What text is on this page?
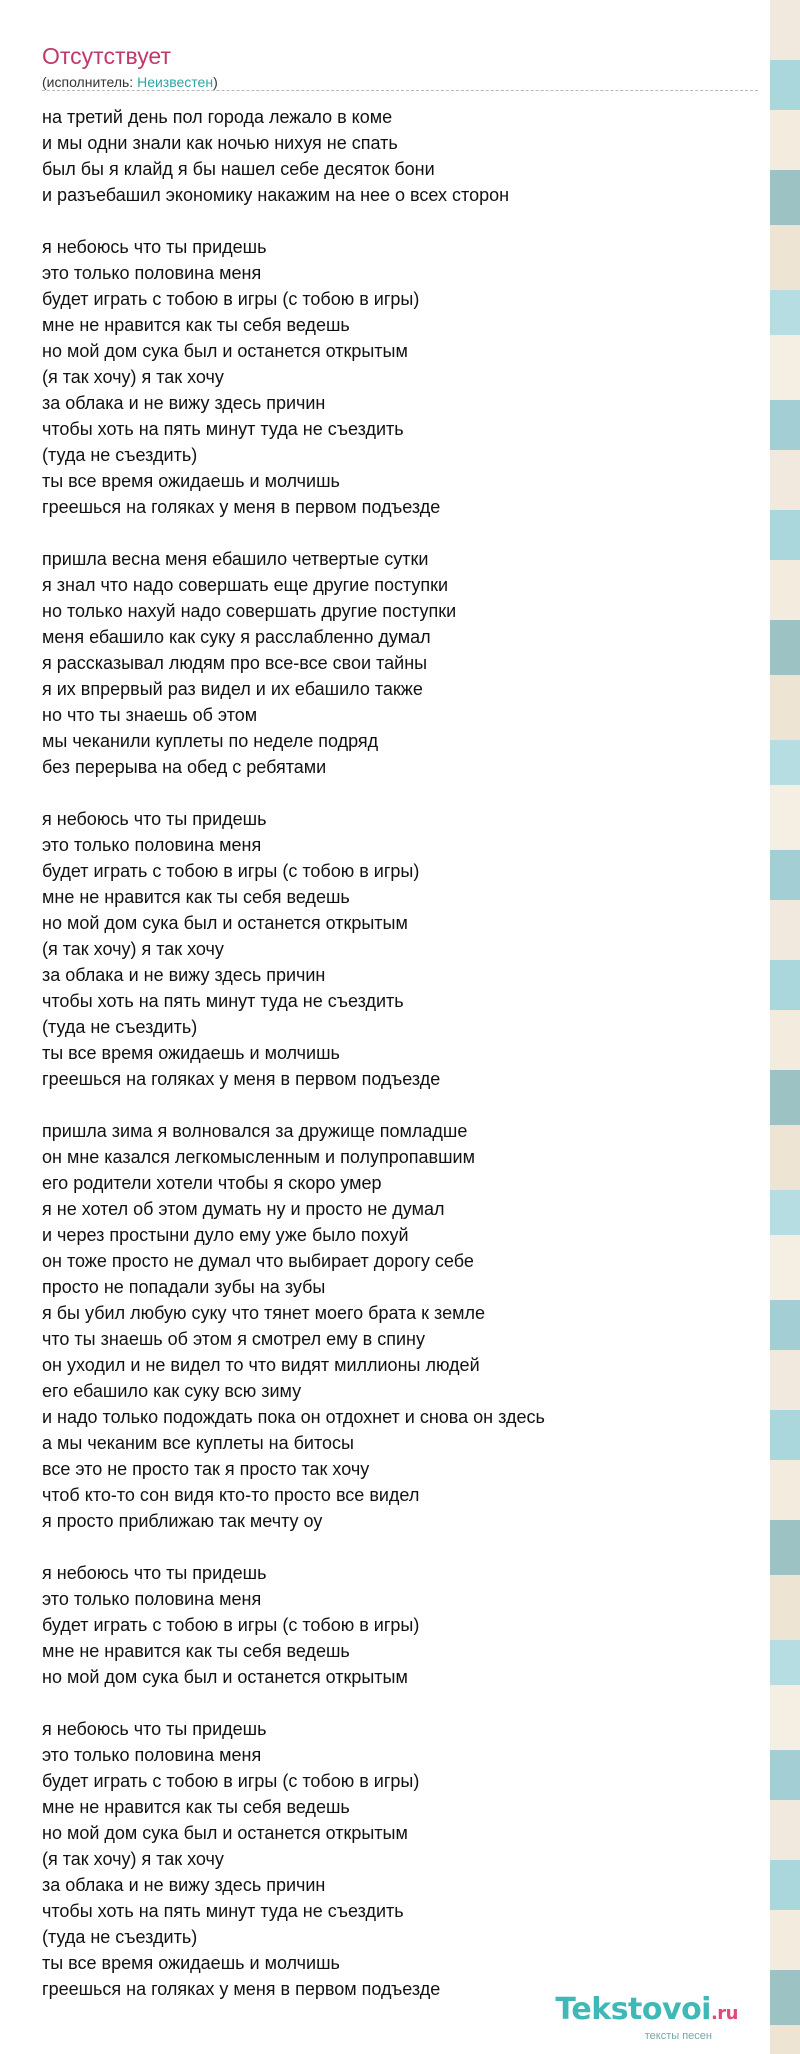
Отсутствует
(исполнитель: Неизвестен)
на третий день пол города лежало в коме
и мы одни знали как ночью нихуя не спать
был бы я клайд я бы нашел себе десяток бони
и разъебашил экономику накажим на нее о всех сторон
я небоюсь что ты придешь
это только половина меня
будет играть с тобою в игры (с тобою в игры)
мне не нравится как ты себя ведешь
но мой дом сука был и останется открытым
(я так хочу) я так хочу
за облака и не вижу здесь причин
чтобы хоть на пять минут туда не съездить
(туда не съездить)
ты все время ожидаешь и молчишь
греешься на голяках у меня в первом подъезде
пришла весна меня ебашило четвертые сутки
я знал что надо совершать еще другие поступки
но только нахуй надо совершать другие поступки
меня ебашило как суку я расслабленно думал
я рассказывал людям про все-все свои тайны
я их впрервый раз видел и их ебашило также
но что ты знаешь об этом
мы чеканили куплеты по неделе подряд
без перерыва на обед с ребятами
я небоюсь что ты придешь
это только половина меня
будет играть с тобою в игры (с тобою в игры)
мне не нравится как ты себя ведешь
но мой дом сука был и останется открытым
(я так хочу) я так хочу
за облака и не вижу здесь причин
чтобы хоть на пять минут туда не съездить
(туда не съездить)
ты все время ожидаешь и молчишь
греешься на голяках у меня в первом подъезде
пришла зима я волновался за дружище помладше
он мне казался легкомысленным и полупропавшим
его родители хотели чтобы я скоро умер
я не хотел об этом думать ну и просто не думал
и через простыни дуло ему уже было похуй
он тоже просто не думал что выбирает дорогу себе
просто не попадали зубы на зубы
я бы убил любую суку что тянет моего брата к земле
что ты знаешь об этом я смотрел ему в спину
он уходил и не видел то что видят миллионы людей
его ебашило как суку всю зиму
и надо только подождать пока он отдохнет и снова он здесь
а мы чеканим все куплеты на битосы
все это не просто так я просто так хочу
чтоб кто-то сон видя кто-то просто все видел
я просто приближаю так мечту оу
я небоюсь что ты придешь
это только половина меня
будет играть с тобою в игры (с тобою в игры)
мне не нравится как ты себя ведешь
но мой дом сука был и останется открытым
я небоюсь что ты придешь
это только половина меня
будет играть с тобою в игры (с тобою в игры)
мне не нравится как ты себя ведешь
но мой дом сука был и останется открытым
(я так хочу) я так хочу
за облака и не вижу здесь причин
чтобы хоть на пять минут туда не съездить
(туда не съездить)
ты все время ожидаешь и молчишь
греешься на голяках у меня в первом подъезде
Tekstovoi.ru
тексты песен
